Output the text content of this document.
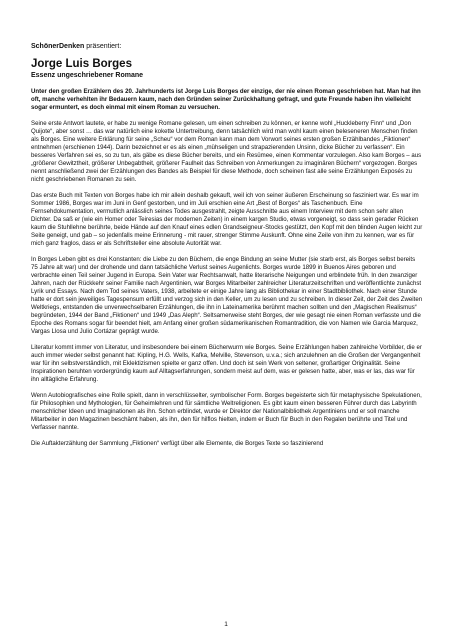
SchönerDenken präsentiert:

Jorge Luis Borges

Essenz ungeschriebener Romane

Unter den großen Erzählern des 20. Jahrhunderts ist Jorge Luis Borges der einzige, der nie einen Roman geschrieben hat. Man hat ihn oft, manche verhehlten ihr Bedauern kaum, nach den Gründen seiner Zurückhaltung gefragt, und gute Freunde haben ihn vielleicht sogar ermuntert, es doch einmal mit einem Roman zu versuchen.

Seine erste Antwort lautete, er habe zu wenige Romane gelesen, um einen schreiben zu können, er kenne wohl „Huckleberry Finn“ und „Don Quijote“, aber sonst … das war natürlich eine kokette Untertreibung, denn tatsächlich wird man wohl kaum einen beleseneren Menschen finden als Borges. Eine weitere Erklärung für seine „Scheu“ vor dem Roman kann man dem Vorwort seines ersten großen Erzählbandes „Fiktionen“ entnehmen (erschienen 1944). Darin bezeichnet er es als einen „mühseligen und strapazierenden Unsinn, dicke Bücher zu verfassen“. Ein besseres Verfahren sei es, so zu tun, als gäbe es diese Bücher bereits, und ein Resümee, einen Kommentar vorzulegen. Also kam Borges – aus „größerer Gewitztheit, größerer Unbegabtheit, größerer Faulheit das Schreiben von Anmerkungen zu imaginären Büchern“ vorgezogen. Borges nennt anschließend zwei der Erzählungen des Bandes als Beispiel für diese Methode, doch scheinen fast alle seine Erzählungen Exposés zu nicht geschriebenen Romanen zu sein.

Das erste Buch mit Texten von Borges habe ich mir allein deshalb gekauft, weil ich von seiner äußeren Erscheinung so fasziniert war. Es war im Sommer 1986, Borges war im Juni in Genf gestorben, und im Juli erschien eine Art „Best of Borges“ als Taschenbuch. Eine Fernsehdokumentation, vermutlich anlässlich seines Todes ausgestrahlt, zeigte Ausschnitte aus einem Interview mit dem schon sehr alten Dichter. Da saß er (wie ein Homer oder Teiresias der modernen Zeiten) in einem kargen Studio, etwas vorgeneigt, so dass sein gerader Rücken kaum die Stuhllehne berührte, beide Hände auf den Knauf eines edlen Grandseigneur-Stocks gestützt, den Kopf mit den blinden Augen leicht zur Seite geneigt, und gab – so jedenfalls meine Erinnerung - mit rauer, strenger Stimme Auskunft. Ohne eine Zeile von ihm zu kennen, war es für mich ganz fraglos, dass er als Schriftsteller eine absolute Autorität war.

In Borges Leben gibt es drei Konstanten: die Liebe zu den Büchern, die enge Bindung an seine Mutter (sie starb erst, als Borges selbst bereits 75 Jahre alt war) und der drohende und dann tatsächliche Verlust seines Augenlichts. Borges wurde 1899 in Buenos Aires geboren und verbrachte einen Teil seiner Jugend in Europa. Sein Vater war Rechtsanwalt, hatte literarische Neigungen und erblindete früh. In den zwanziger Jahren, nach der Rückkehr seiner Familie nach Argentinien, war Borges Mitarbeiter zahlreicher Literaturzeitschriften und veröffentlichte zunächst Lyrik und Essays. Nach dem Tod seines Vaters, 1938, arbeitete er einige Jahre lang als Bibliothekar in einer Stadtbibliothek. Nach einer Stunde hatte er dort sein jeweiliges Tagespensum erfüllt und verzog sich in den Keller, um zu lesen und zu schreiben. In dieser Zeit, der Zeit des Zweiten Weltkriegs, entstanden die unverwechselbaren Erzählungen, die ihn in Lateinamerika berühmt machen sollten und den „Magischen Realismus“ begründeten, 1944 der Band „Fiktionen“ und 1949 „Das Aleph“. Seltsamerweise steht Borges, der wie gesagt nie einen Roman verfasste und die Epoche des Romans sogar für beendet hielt, am Anfang einer großen südamerikanischen Romantradition, die von Namen wie Garcia Marquez, Vargas Llosa und Julio Cortázar geprägt wurde.

Literatur kommt immer von Literatur, und insbesondere bei einem Bücherwurm wie Borges. Seine Erzählungen haben zahlreiche Vorbilder, die er auch immer wieder selbst genannt hat: Kipling, H.G. Wells, Kafka, Melville, Stevenson, u.v.a.; sich anzulehnen an die Großen der Vergangenheit war für ihn selbstverständlich, mit Eklektizismen spielte er ganz offen. Und doch ist sein Werk von seltener, großartiger Originalität. Seine Inspirationen beruhten vordergründig kaum auf Alltagserfahrungen, sondern meist auf dem, was er gelesen hatte, aber, was er las, das war für ihn alltägliche Erfahrung.

Wenn Autobiografisches eine Rolle spielt, dann in verschlüsselter, symbolischer Form. Borges begeisterte sich für metaphysische Spekulationen, für Philosophien und Mythologien, für Geheimlehren und für sämtliche Weltreligionen. Es gibt kaum einen besseren Führer durch das Labyrinth menschlicher Ideen und Imaginationen als ihn. Schon erblindet, wurde er Direktor der Nationalbibliothek Argentiniens und er soll manche Mitarbeiter in den Magazinen beschämt haben, als ihn, den für hilflos hielten, indem er Buch für Buch in den Regalen berührte und Titel und Verfasser nannte.

Die Auftakterzählung der Sammlung „Fiktionen“ verfügt über alle Elemente, die Borges Texte so faszinierend

1
